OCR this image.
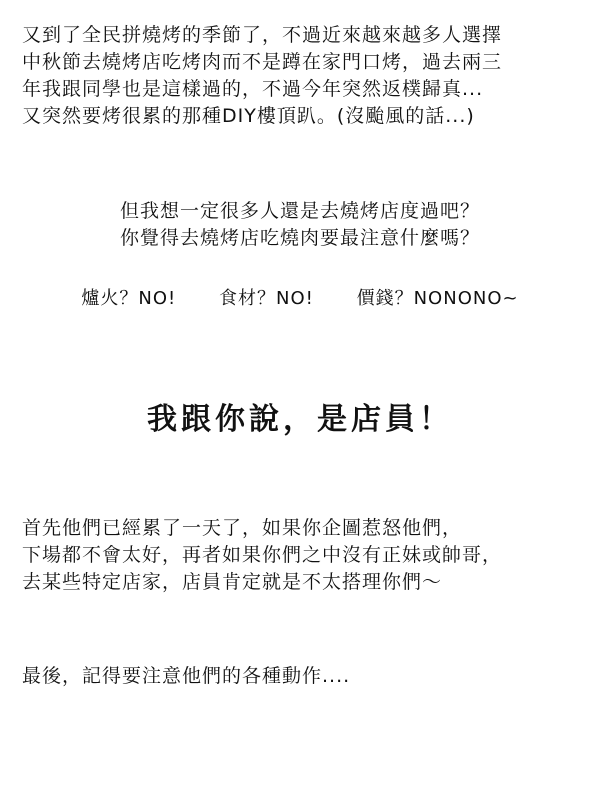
又到了全民拼燒烤的季節了，不過近來越來越多人選擇
中秋節去燒烤店吃烤肉而不是蹲在家門口烤，過去兩三
年我跟同學也是這樣過的，不過今年突然返樸歸真...
又突然要烤很累的那種DIY樓頂趴。(沒颱風的話...)
但我想一定很多人還是去燒烤店度過吧？
你覺得去燒烤店吃燒肉要最注意什麼嗎？
爐火？NO! 食材？NO! 價錢？NONONO~
我跟你說，是店員！
首先他們已經累了一天了，如果你企圖惹怒他們，
下場都不會太好，再者如果你們之中沒有正妹或帥哥，
去某些特定店家，店員肯定就是不太搭理你們～
最後，記得要注意他們的各種動作....
